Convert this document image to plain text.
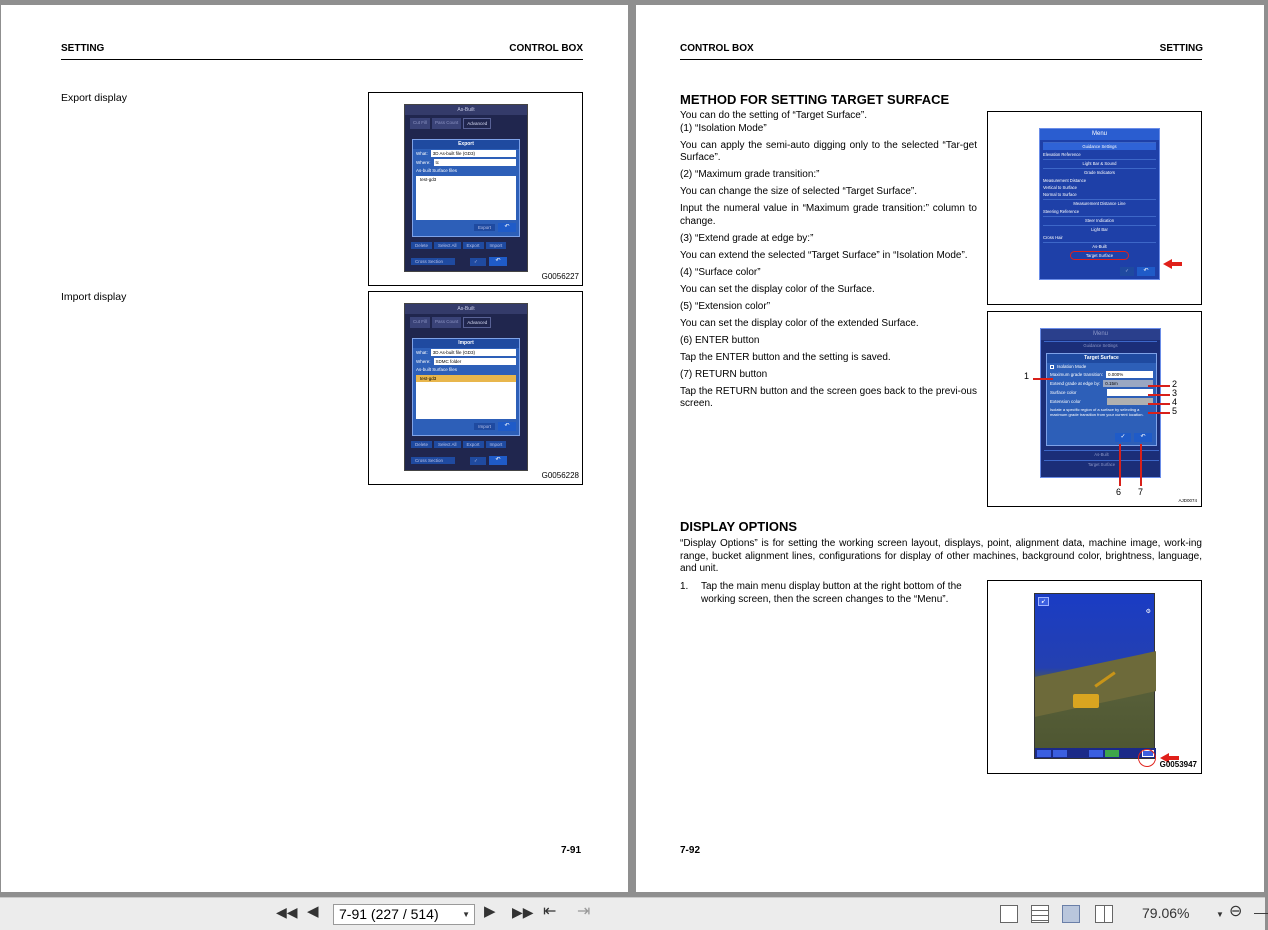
SETTING	CONTROL BOX
Export display
Import display
As-Built
Cut Fill	Pass Count	Advanced
Export
What:	3D As-built file (GD3)
Where:	tc
As-built Surface files
test-gd3
Export	↶
Delete	Select All	Export	Import
Cross Section	✓	↶
G0056227
As-Built
Cut Fill	Pass Count	Advanced
Import
What:	3D As-built file (GD3)
Where:	SDMC folder
As-built Surface files
test-gd3
Import	↶
Delete	Select All	Export	Import
Cross Section	✓	↶
G0056228
7-91
CONTROL BOX	SETTING
METHOD FOR SETTING TARGET SURFACE

You can do the setting of “Target Surface”.

(1) “Isolation Mode”

You can apply the semi-auto digging only to the selected “Tar-get Surface”.

(2) “Maximum grade transition:”

You can change the size of selected “Target Surface”.

Input the numeral value in “Maximum grade transition:” column to change.

(3) “Extend grade at edge by:”

You can extend the selected “Target Surface” in “Isolation Mode”.

(4) “Surface color”

You can set the display color of the Surface.

(5) “Extension color”

You can set the display color of the extended Surface.

(6) ENTER button

Tap the ENTER button and the setting is saved.

(7) RETURN button

Tap the RETURN button and the screen goes back to the previ-ous screen.

Menu
Guidance Settings
Elevation Reference
Light Bar & Sound
Grade Indicators
Measurement Distance
Vertical to Surface
Normal to Surface
Measurement Distance Line
Steering Reference
Steer Indication
Light Bar
Cross Hair
As-Built
Target Surface
✓	↶
Menu
Guidance Settings
Target Surface
Isolation Mode
Maximum grade transition:	0.000%
Extend grade at edge by:	0.15m
Surface color
Extension color
Isolate a specific region of a surface by selecting a maximum grade transition from your current location.
✓	↶
As-Built
Target Surface
1
2
3
4
5
6 7
AJD0074
DISPLAY OPTIONS
“Display Options” is for setting the working screen layout, displays, point, alignment data, machine image, work-ing range, bucket alignment lines, configurations for display of other machines, background color, brightness, language, and unit.
1. Tap the main menu display button at the right bottom of the working screen, then the screen changes to the “Menu”.	➹
⚙
G0053947
7-92
◀◀ ◀	7-91 (227 / 514)	▼ ▶ ▶▶ ⇤ ⇥	79.06%	▼ ⊖ —
